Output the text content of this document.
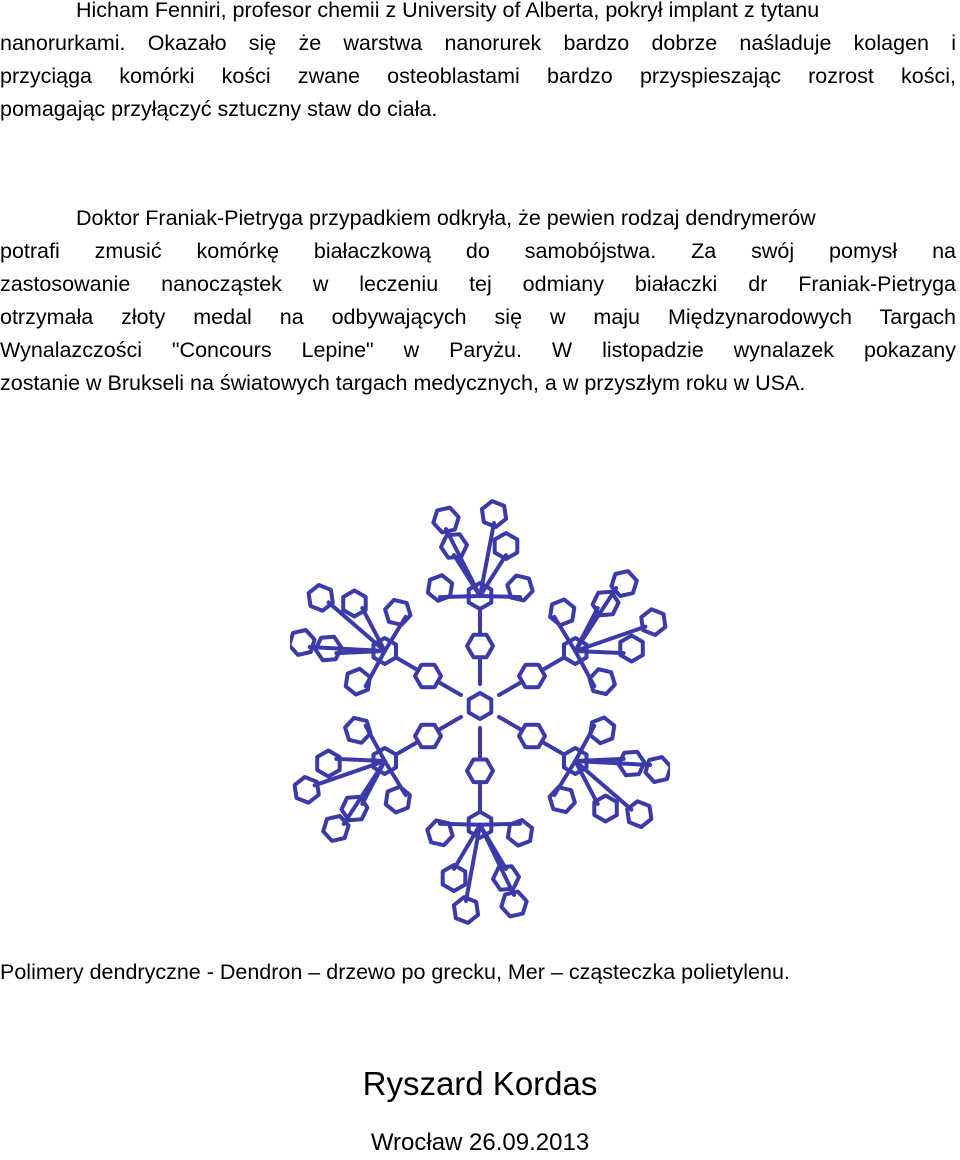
Hicham Fenniri, profesor chemii z University of Alberta, pokrył implant z tytanu
nanorurkami. Okazało się że warstwa nanorurek bardzo dobrze naśladuje kolagen i
przyciąga komórki kości zwane osteoblastami bardzo przyspieszając rozrost kości,
pomagając przyłączyć sztuczny staw do ciała.
Doktor Franiak-Pietryga przypadkiem odkryła, że pewien rodzaj dendrymerów
potrafi zmusić komórkę białaczkową do samobójstwa. Za swój pomysł na
zastosowanie nanocząstek w leczeniu tej odmiany białaczki dr Franiak-Pietryga
otrzymała złoty medal na odbywających się w maju Międzynarodowych Targach
Wynalazczości "Concours Lepine" w Paryżu. W listopadzie wynalazek pokazany
zostanie w Brukseli na światowych targach medycznych, a w przyszłym roku w USA.
Polimery dendryczne - Dendron – drzewo po grecku, Mer – cząsteczka polietylenu.
Ryszard Kordas
Wrocław 26.09.2013
